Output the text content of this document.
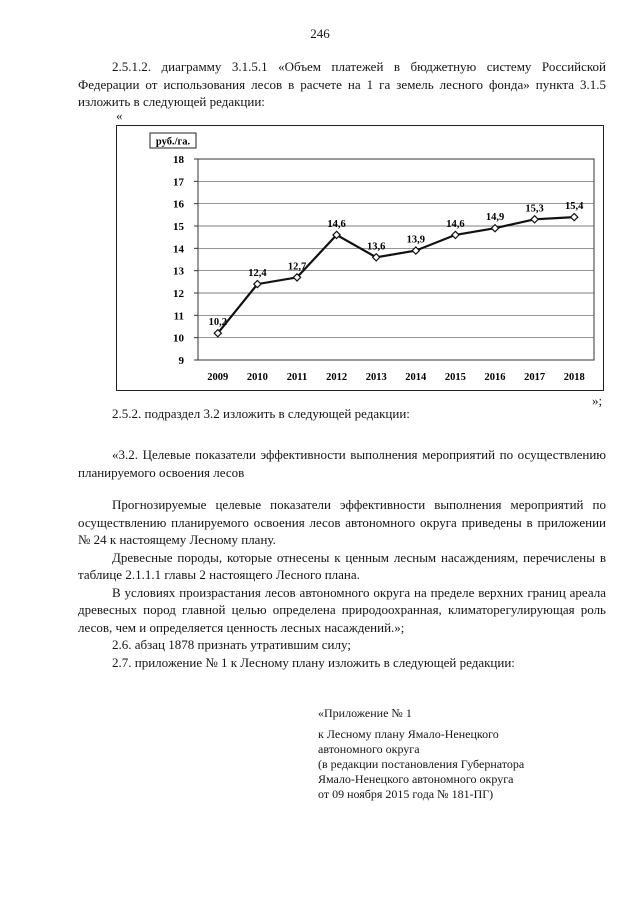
246
2.5.1.2. диаграмму 3.1.5.1 «Объем платежей в бюджетную систему Российской Федерации от использования лесов в расчете на 1 га земель лесного фонда» пункта 3.1.5 изложить в следующей редакции:
«
9
10
11
12
13
14
15
16
17
18
2009 2010 2011 2012 2013 2014 2015 2016 2017 2018
10,2
12,4
12,7
14,6
13,6
13,9
14,6
14,9
15,3 15,4
руб./га.
»;
2.5.2. подраздел 3.2 изложить в следующей редакции:
«3.2. Целевые показатели эффективности выполнения мероприятий по осуществлению планируемого освоения лесов
Прогнозируемые целевые показатели эффективности выполнения мероприятий по осуществлению планируемого освоения лесов автономного округа приведены в приложении № 24 к настоящему Лесному плану.
Древесные породы, которые отнесены к ценным лесным насаждениям, перечислены в таблице 2.1.1.1 главы 2 настоящего Лесного плана.
В условиях произрастания лесов автономного округа на пределе верхних границ ареала древесных пород главной целью определена природоохранная, климаторегулирующая роль лесов, чем и определяется ценность лесных насаждений.»;
2.6. абзац 1878 признать утратившим силу;
2.7. приложение № 1 к Лесному плану изложить в следующей редакции:
«Приложение № 1
к Лесному плану Ямало-Ненецкого
автономного округа
(в редакции постановления Губернатора
Ямало-Ненецкого автономного округа
от 09 ноября 2015 года № 181-ПГ)
